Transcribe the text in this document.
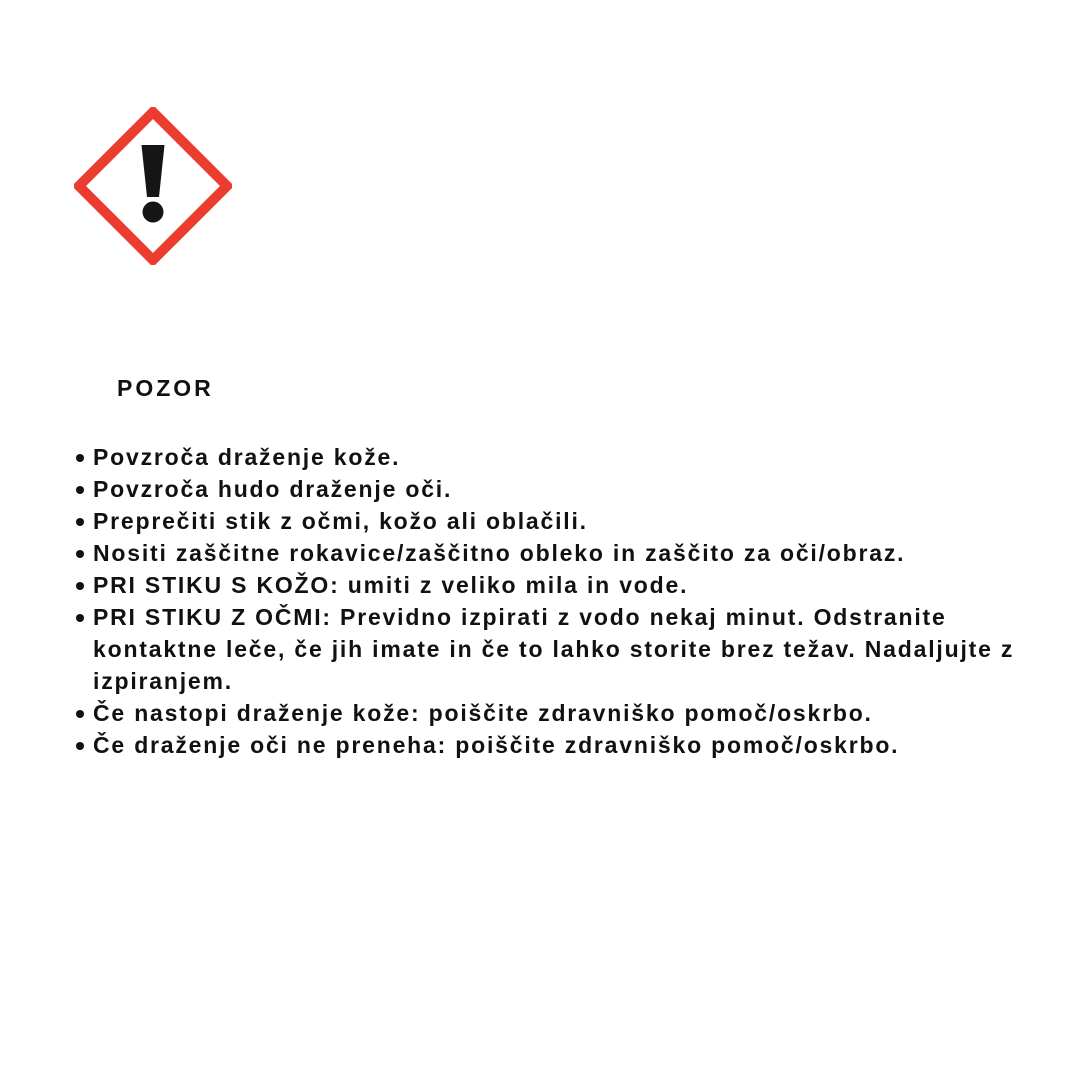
POZOR
Povzroča draženje kože.
Povzroča hudo draženje oči.
Preprečiti stik z očmi, kožo ali oblačili.
Nositi zaščitne rokavice/zaščitno obleko in zaščito za oči/obraz.
PRI STIKU S KOŽO: umiti z veliko mila in vode.
PRI STIKU Z OČMI: Previdno izpirati z vodo nekaj minut. Odstranite kontaktne leče, če jih imate in če to lahko storite brez težav. Nadaljujte z izpiranjem.
Če nastopi draženje kože: poiščite zdravniško pomoč/oskrbo.
Če draženje oči ne preneha: poiščite zdravniško pomoč/oskrbo.
